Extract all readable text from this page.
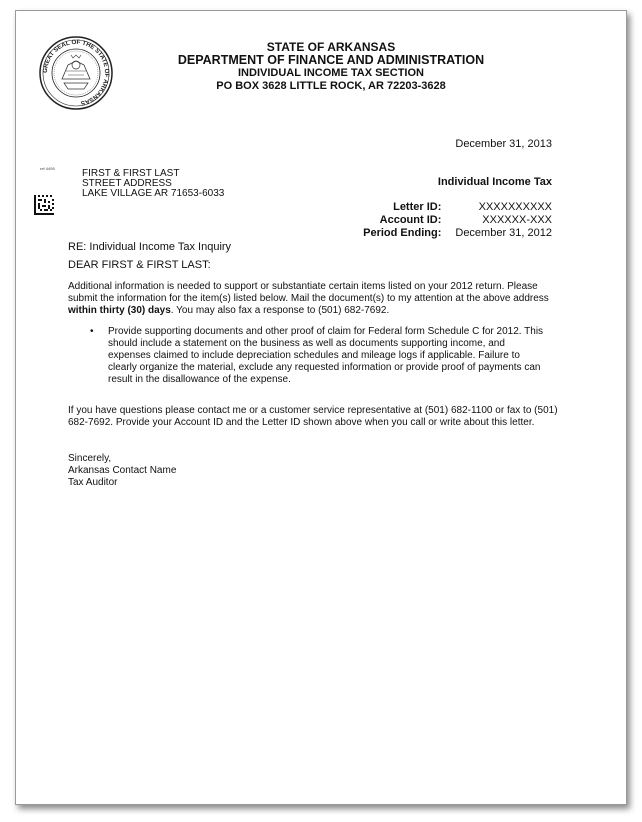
GREAT SEAL OF THE STATE OF ARKANSAS
STATE OF ARKANSAS
DEPARTMENT OF FINANCE AND ADMINISTRATION
INDIVIDUAL INCOME TAX SECTION
PO BOX 3628 LITTLE ROCK, AR 72203-3628
December 31, 2013
ref 4495	FIRST & FIRST LAST
STREET ADDRESS
LAKE VILLAGE AR 71653-6033
Individual Income Tax
Letter ID:	XXXXXXXXXX
Account ID:	XXXXXX-XXX
Period Ending:	December 31, 2012
RE: Individual Income Tax Inquiry
DEAR FIRST & FIRST LAST:
Additional information is needed to support or substantiate certain items listed on your 2012 return. Please submit the information for the item(s) listed below. Mail the document(s) to my attention at the above address within thirty (30) days. You may also fax a response to (501) 682-7692.
• Provide supporting documents and other proof of claim for Federal form Schedule C for 2012. This should include a statement on the business as well as documents supporting income, and expenses claimed to include depreciation schedules and mileage logs if applicable. Failure to clearly organize the material, exclude any requested information or provide proof of payments can result in the disallowance of the expense.
If you have questions please contact me or a customer service representative at (501) 682-1100 or fax to (501) 682-7692. Provide your Account ID and the Letter ID shown above when you call or write about this letter.
Sincerely,
Arkansas Contact Name
Tax Auditor
